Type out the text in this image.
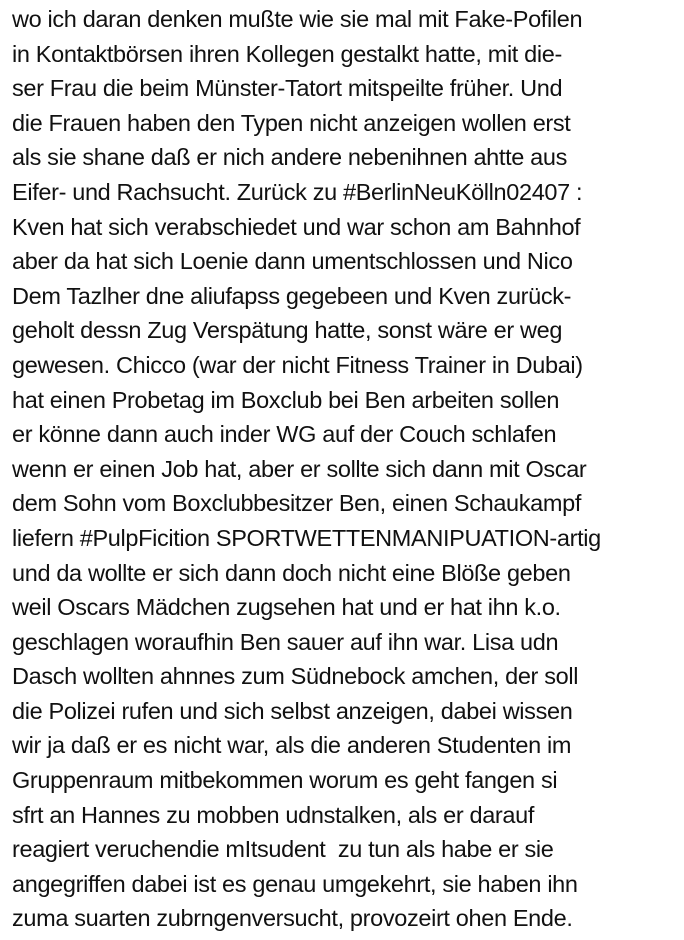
wo ich daran denken mußte wie sie mal mit Fake-Pofilen
in Kontaktbörsen ihren Kollegen gestalkt hatte, mit die-
ser Frau die beim Münster-Tatort mitspeilte früher. Und
die Frauen haben den Typen nicht anzeigen wollen erst
als sie shane daß er nich andere nebenihnen ahtte aus
Eifer- und Rachsucht. Zurück zu #BerlinNeuKölln02407 :
Kven hat sich verabschiedet und war schon am Bahnhof
aber da hat sich Loenie dann umentschlossen und Nico
Dem Tazlher dne aliufapss gegebeen und Kven zurück-
geholt dessn Zug Verspätung hatte, sonst wäre er weg
gewesen. Chicco (war der nicht Fitness Trainer in Dubai)
hat einen Probetag im Boxclub bei Ben arbeiten sollen
er könne dann auch inder WG auf der Couch schlafen
wenn er einen Job hat, aber er sollte sich dann mit Oscar
dem Sohn vom Boxclubbesitzer Ben, einen Schaukampf
liefern #PulpFicition SPORTWETTENMANIPUATION-artig
und da wollte er sich dann doch nicht eine Blöße geben
weil Oscars Mädchen zugsehen hat und er hat ihn k.o.
geschlagen woraufhin Ben sauer auf ihn war. Lisa udn
Dasch wollten ahnnes zum Südnebock amchen, der soll
die Polizei rufen und sich selbst anzeigen, dabei wissen
wir ja daß er es nicht war, als die anderen Studenten im
Gruppenraum mitbekommen worum es geht fangen si
sfrt an Hannes zu mobben udnstalken, als er darauf
reagiert veruchendie mItsudent  zu tun als habe er sie
angegriffen dabei ist es genau umgekehrt, sie haben ihn
zuma suarten zubrngenversucht, provozeirt ohen Ende.
